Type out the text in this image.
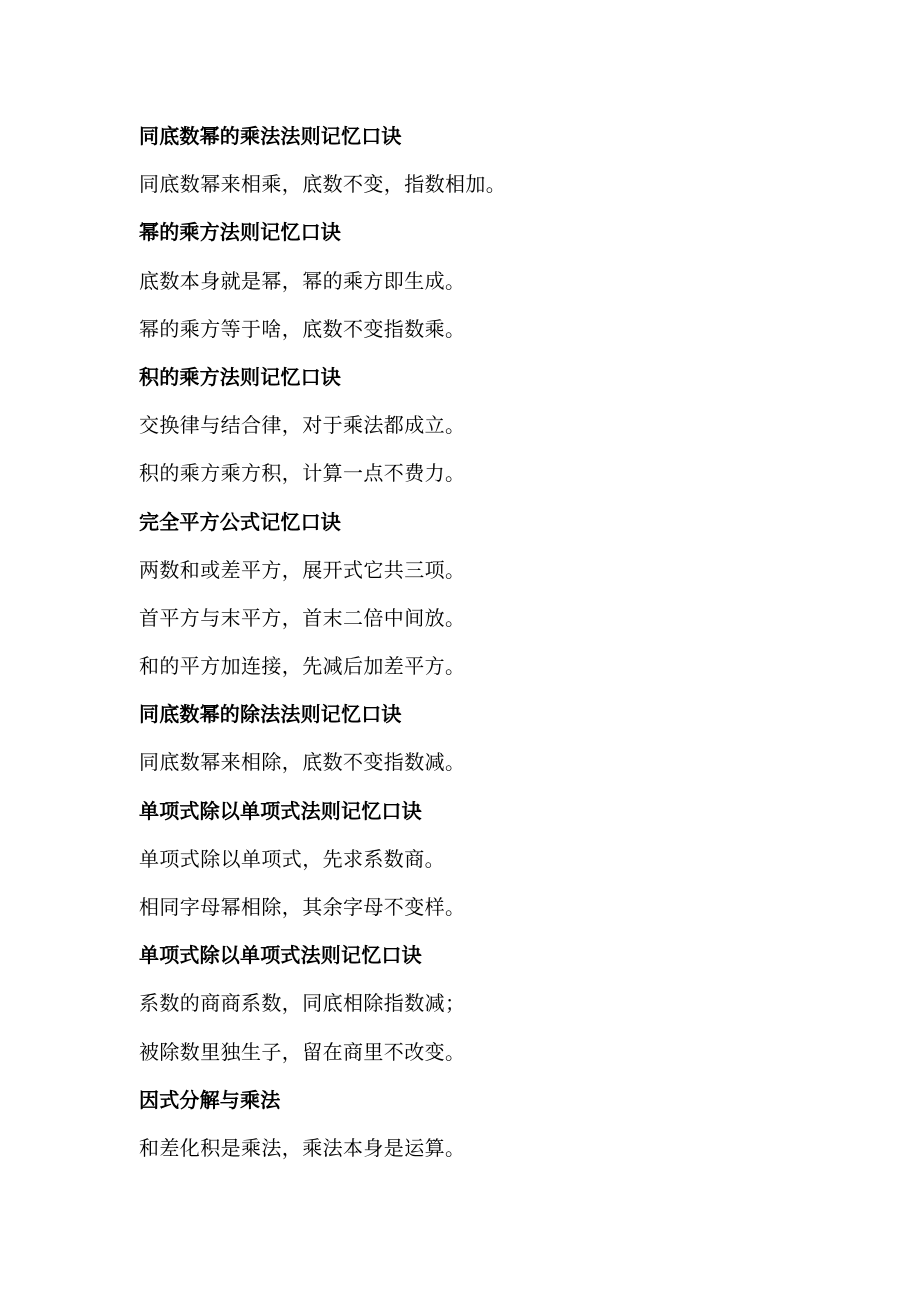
同底数幂的乘法法则记忆口诀
同底数幂来相乘，底数不变，指数相加。
幂的乘方法则记忆口诀
底数本身就是幂，幂的乘方即生成。
幂的乘方等于啥，底数不变指数乘。
积的乘方法则记忆口诀
交换律与结合律，对于乘法都成立。
积的乘方乘方积，计算一点不费力。
完全平方公式记忆口诀
两数和或差平方，展开式它共三项。
首平方与末平方，首末二倍中间放。
和的平方加连接，先减后加差平方。
同底数幂的除法法则记忆口诀
同底数幂来相除，底数不变指数减。
单项式除以单项式法则记忆口诀
单项式除以单项式，先求系数商。
相同字母幂相除，其余字母不变样。
单项式除以单项式法则记忆口诀
系数的商商系数，同底相除指数减；
被除数里独生子，留在商里不改变。
因式分解与乘法
和差化积是乘法，乘法本身是运算。
